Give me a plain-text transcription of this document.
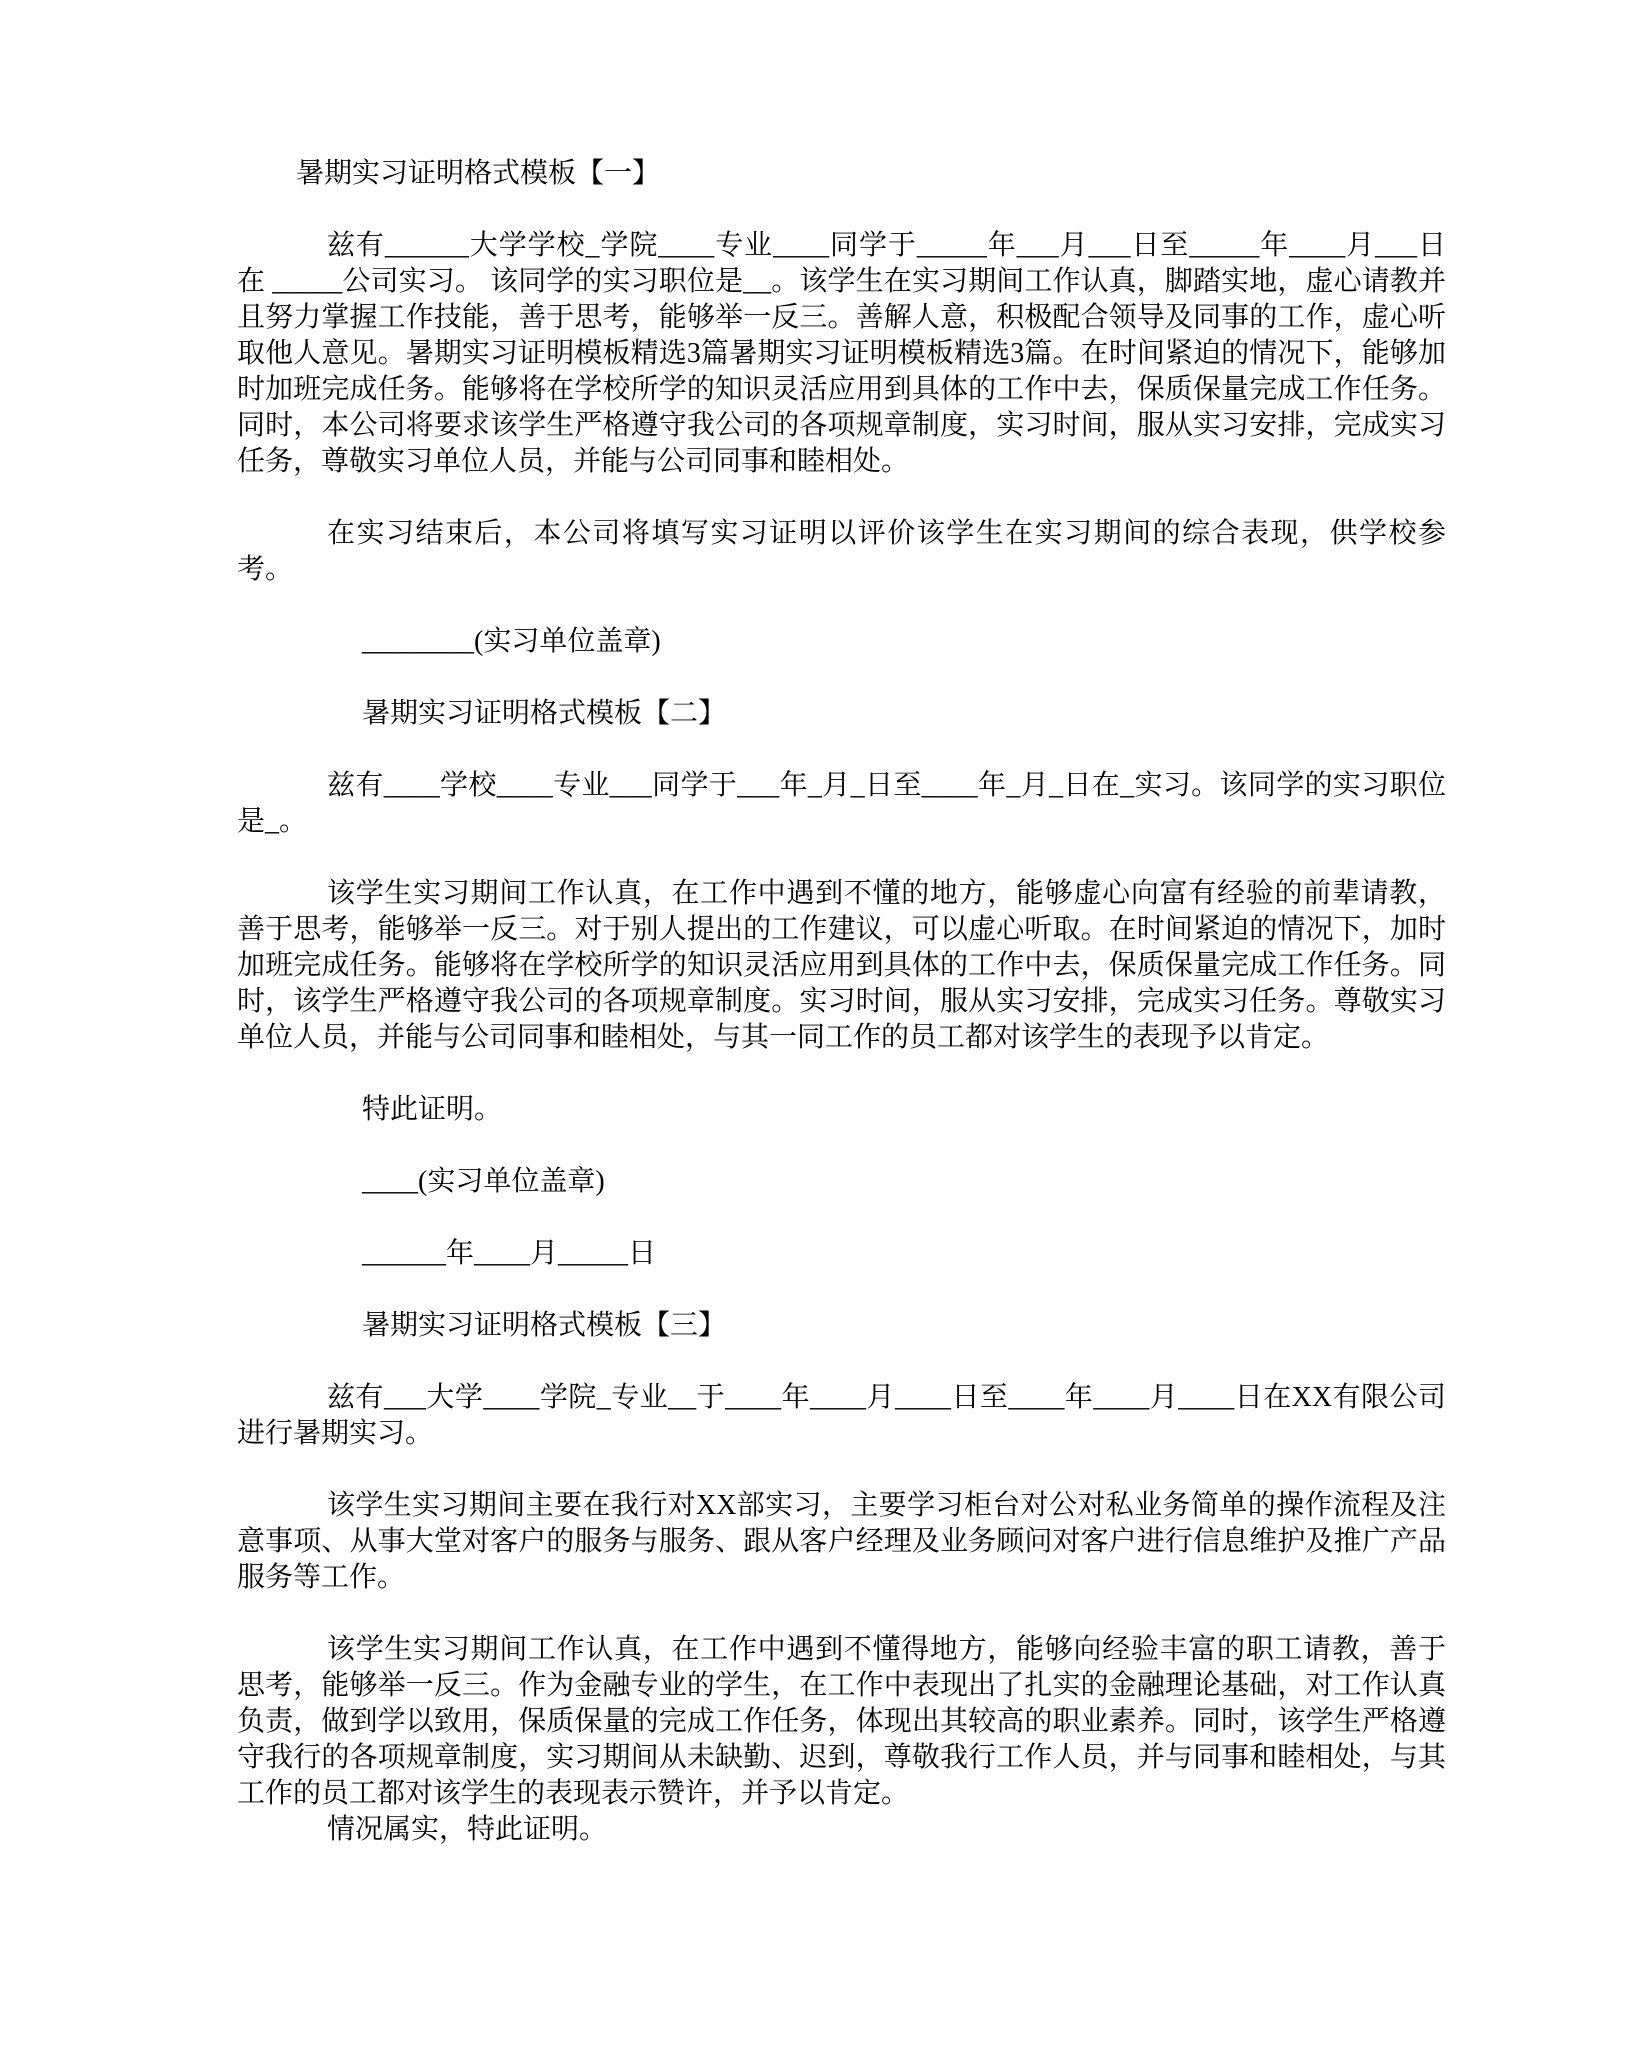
暑期实习证明格式模板【一】

兹有______大学学校_学院____专业____同学于_____年___月___日至_____年____月___日在 _____公司实习。 该同学的实习职位是__。该学生在实习期间工作认真，脚踏实地，虚心请教并且努力掌握工作技能，善于思考，能够举一反三。善解人意，积极配合领导及同事的工作，虚心听取他人意见。暑期实习证明模板精选3篇暑期实习证明模板精选3篇。在时间紧迫的情况下，能够加时加班完成任务。能够将在学校所学的知识灵活应用到具体的工作中去，保质保量完成工作任务。同时，本公司将要求该学生严格遵守我公司的各项规章制度，实习时间，服从实习安排，完成实习任务，尊敬实习单位人员，并能与公司同事和睦相处。

在实习结束后，本公司将填写实习证明以评价该学生在实习期间的综合表现，供学校参考。

________(实习单位盖章)

暑期实习证明格式模板【二】

兹有____学校____专业___同学于___年_月_日至____年_月_日在_实习。该同学的实习职位是_。

该学生实习期间工作认真，在工作中遇到不懂的地方，能够虚心向富有经验的前辈请教，善于思考，能够举一反三。对于别人提出的工作建议，可以虚心听取。在时间紧迫的情况下，加时加班完成任务。能够将在学校所学的知识灵活应用到具体的工作中去，保质保量完成工作任务。同时，该学生严格遵守我公司的各项规章制度。实习时间，服从实习安排，完成实习任务。尊敬实习单位人员，并能与公司同事和睦相处，与其一同工作的员工都对该学生的表现予以肯定。

特此证明。

____(实习单位盖章)

______年____月_____日

暑期实习证明格式模板【三】

兹有___大学____学院_专业__于____年____月____日至____年____月____日在XX有限公司进行暑期实习。

该学生实习期间主要在我行对XX部实习，主要学习柜台对公对私业务简单的操作流程及注意事项、从事大堂对客户的服务与服务、跟从客户经理及业务顾问对客户进行信息维护及推广产品服务等工作。

该学生实习期间工作认真，在工作中遇到不懂得地方，能够向经验丰富的职工请教，善于思考，能够举一反三。作为金融专业的学生，在工作中表现出了扎实的金融理论基础，对工作认真负责，做到学以致用，保质保量的完成工作任务，体现出其较高的职业素养。同时，该学生严格遵守我行的各项规章制度，实习期间从未缺勤、迟到，尊敬我行工作人员，并与同事和睦相处，与其工作的员工都对该学生的表现表示赞许，并予以肯定。

情况属实，特此证明。
